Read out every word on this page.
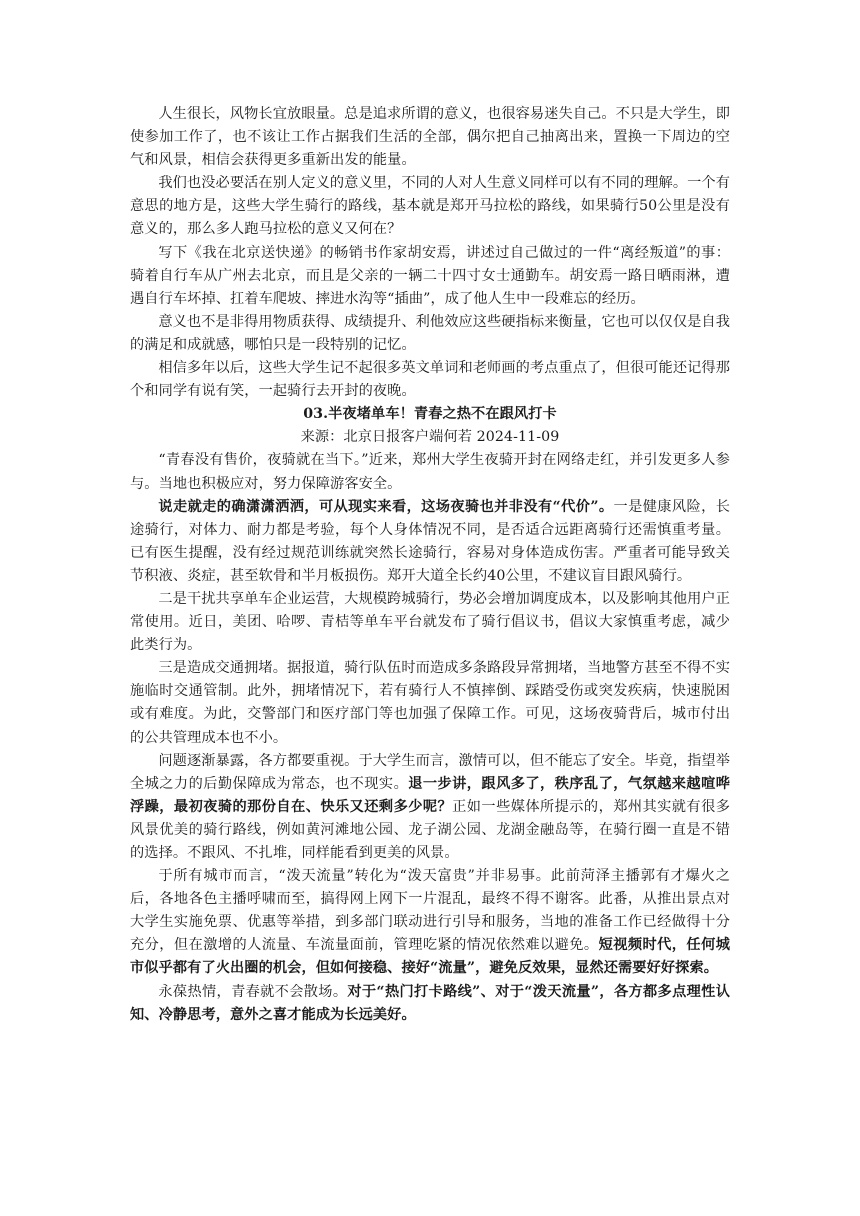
人生很长，风物长宜放眼量。总是追求所谓的意义，也很容易迷失自己。不只是大学生，即使参加工作了，也不该让工作占据我们生活的全部，偶尔把自己抽离出来，置换一下周边的空气和风景，相信会获得更多重新出发的能量。

我们也没必要活在别人定义的意义里，不同的人对人生意义同样可以有不同的理解。一个有意思的地方是，这些大学生骑行的路线，基本就是郑开马拉松的路线，如果骑行50公里是没有意义的，那么多人跑马拉松的意义又何在？

写下《我在北京送快递》的畅销书作家胡安焉，讲述过自己做过的一件“离经叛道”的事：骑着自行车从广州去北京，而且是父亲的一辆二十四寸女士通勤车。胡安焉一路日晒雨淋，遭遇自行车坏掉、扛着车爬坡、摔进水沟等“插曲”，成了他人生中一段难忘的经历。

意义也不是非得用物质获得、成绩提升、利他效应这些硬指标来衡量，它也可以仅仅是自我的满足和成就感，哪怕只是一段特别的记忆。

相信多年以后，这些大学生记不起很多英文单词和老师画的考点重点了，但很可能还记得那个和同学有说有笑，一起骑行去开封的夜晚。

03.半夜堵单车！青春之热不在跟风打卡

来源：北京日报客户端何若 2024-11-09

“青春没有售价，夜骑就在当下。”近来，郑州大学生夜骑开封在网络走红，并引发更多人参与。当地也积极应对，努力保障游客安全。

说走就走的确潇潇洒洒，可从现实来看，这场夜骑也并非没有“代价”。一是健康风险，长途骑行，对体力、耐力都是考验，每个人身体情况不同，是否适合远距离骑行还需慎重考量。已有医生提醒，没有经过规范训练就突然长途骑行，容易对身体造成伤害。严重者可能导致关节积液、炎症，甚至软骨和半月板损伤。郑开大道全长约40公里，不建议盲目跟风骑行。

二是干扰共享单车企业运营，大规模跨城骑行，势必会增加调度成本，以及影响其他用户正常使用。近日，美团、哈啰、青桔等单车平台就发布了骑行倡议书，倡议大家慎重考虑，减少此类行为。

三是造成交通拥堵。据报道，骑行队伍时而造成多条路段异常拥堵，当地警方甚至不得不实施临时交通管制。此外，拥堵情况下，若有骑行人不慎摔倒、踩踏受伤或突发疾病，快速脱困或有难度。为此，交警部门和医疗部门等也加强了保障工作。可见，这场夜骑背后，城市付出的公共管理成本也不小。

问题逐渐暴露，各方都要重视。于大学生而言，激情可以，但不能忘了安全。毕竟，指望举全城之力的后勤保障成为常态，也不现实。退一步讲，跟风多了，秩序乱了，气氛越来越喧哗浮躁，最初夜骑的那份自在、快乐又还剩多少呢？正如一些媒体所提示的，郑州其实就有很多风景优美的骑行路线，例如黄河滩地公园、龙子湖公园、龙湖金融岛等，在骑行圈一直是不错的选择。不跟风、不扎堆，同样能看到更美的风景。

于所有城市而言，“泼天流量”转化为“泼天富贵”并非易事。此前菏泽主播郭有才爆火之后，各地各色主播呼啸而至，搞得网上网下一片混乱，最终不得不谢客。此番，从推出景点对大学生实施免票、优惠等举措，到多部门联动进行引导和服务，当地的准备工作已经做得十分充分，但在激增的人流量、车流量面前，管理吃紧的情况依然难以避免。短视频时代，任何城市似乎都有了火出圈的机会，但如何接稳、接好“流量”，避免反效果，显然还需要好好探索。

永葆热情，青春就不会散场。对于“热门打卡路线”、对于“泼天流量”，各方都多点理性认知、冷静思考，意外之喜才能成为长远美好。
